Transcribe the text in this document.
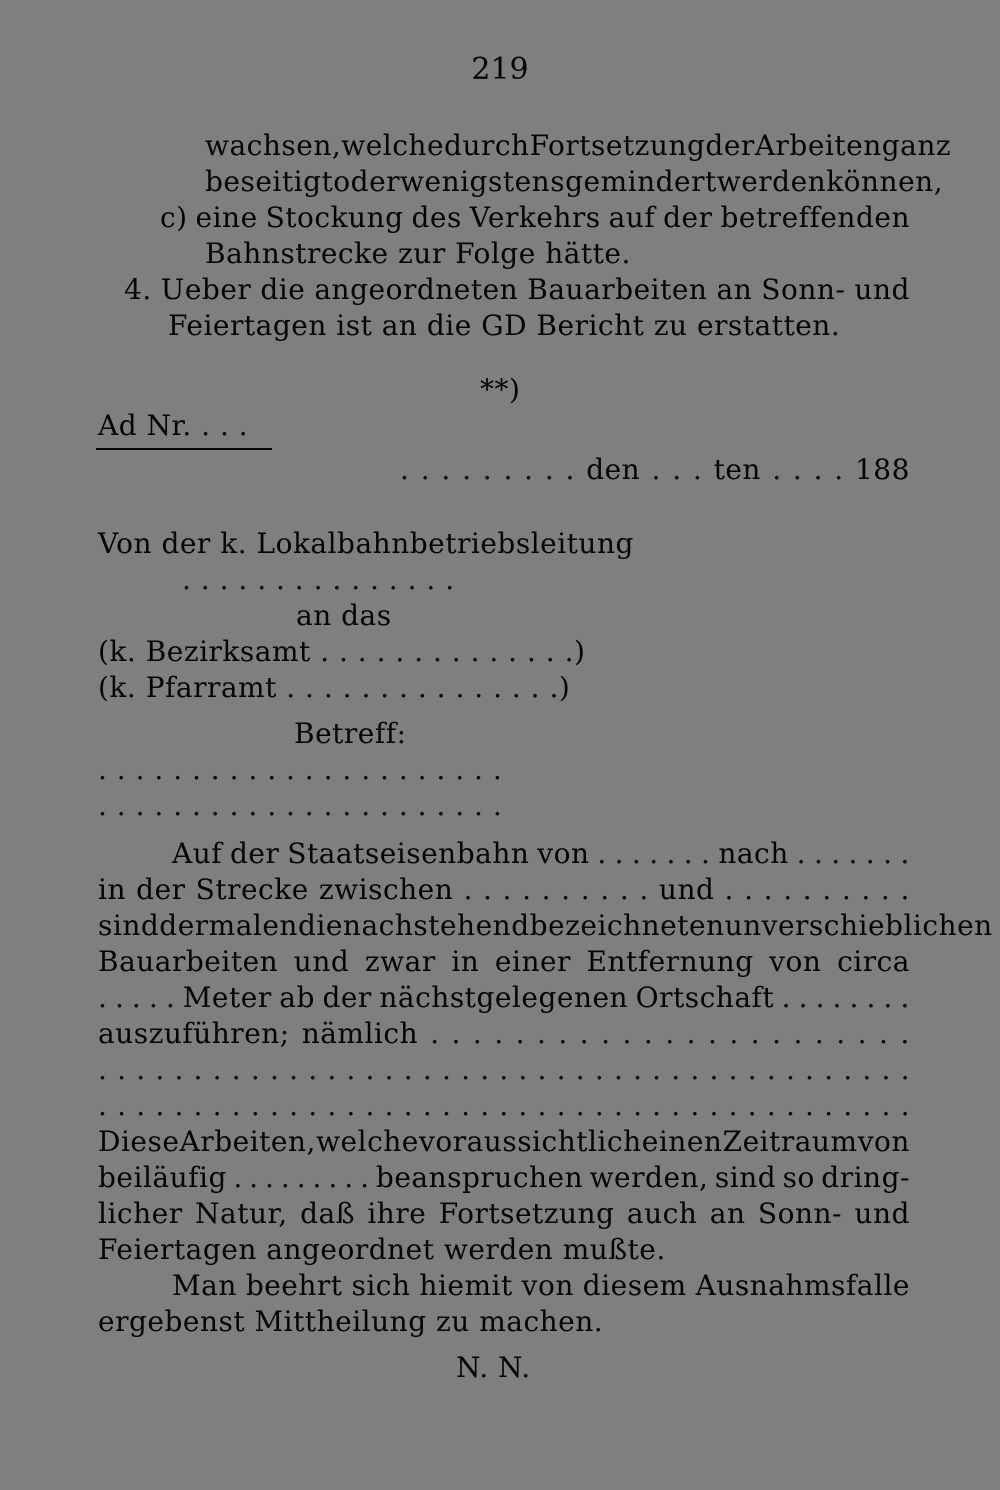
219
wachsen, welche durch Fortsetzung der Arbeiten ganz
beseitigt oder wenigstens gemindert werden können,
c) eine Stockung des Verkehrs auf der betreffenden
Bahnstrecke zur Folge hätte.
4. Ueber die angeordneten Bauarbeiten an Sonn- und
Feiertagen ist an die GD Bericht zu erstatten.
**)
Ad Nr. . . .
. . . . . . . . . den . . . ten . . . . 188
Von der k. Lokalbahnbetriebsleitung
. . . . . . . . . . . . . . .
an das
(k. Bezirksamt . . . . . . . . . . . . . .)
(k. Pfarramt . . . . . . . . . . . . . . .)
Betreff:
. . . . . . . . . . . . . . . . . . . . . .
. . . . . . . . . . . . . . . . . . . . . .
Auf der Staatseisenbahn von . . . . . . . nach . . . . . . .
in der Strecke zwischen . . . . . . . . . . und . . . . . . . . . .
sind dermalen die nachstehend bezeichneten unverschieblichen
Bauarbeiten und zwar in einer Entfernung von circa
. . . . . Meter ab der nächstgelegenen Ortschaft . . . . . . . .
auszuführen; nämlich . . . . . . . . . . . . . . . . . . . . . . .
. . . . . . . . . . . . . . . . . . . . . . . . . . . . . . . . . . . . . . . . . . .
. . . . . . . . . . . . . . . . . . . . . . . . . . . . . . . . . . . . . . . . . . .
Diese Arbeiten, welche voraussichtlich einen Zeitraum von
beiläufig . . . . . . . . . beanspruchen werden, sind so dring-
licher Natur, daß ihre Fortsetzung auch an Sonn- und
Feiertagen angeordnet werden mußte.
Man beehrt sich hiemit von diesem Ausnahmsfalle
ergebenst Mittheilung zu machen.
N. N.
